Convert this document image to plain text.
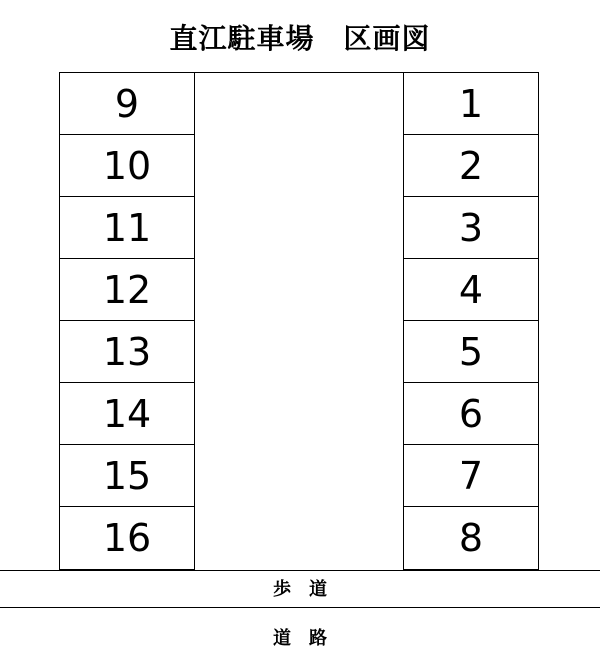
直江駐車場　区画図
9
10
11
12
13
14
15
16
1
2
3
4
5
6
7
8
歩　道
道　路
